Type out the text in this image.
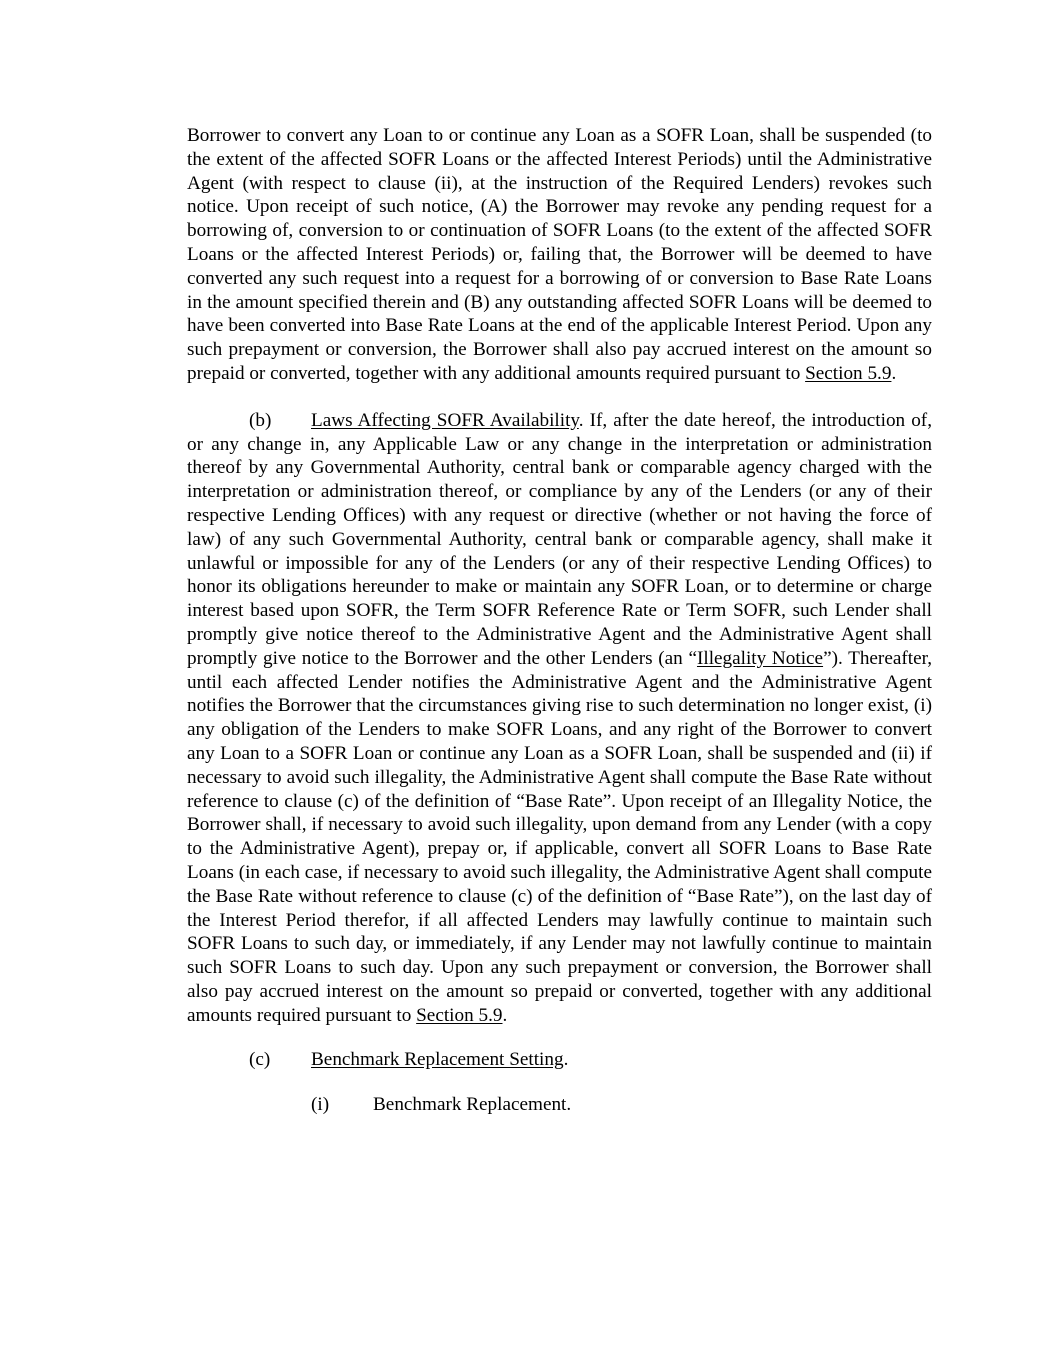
Borrower to convert any Loan to or continue any Loan as a SOFR Loan, shall be suspended (to the extent of the affected SOFR Loans or the affected Interest Periods) until the Administrative Agent (with respect to clause (ii), at the instruction of the Required Lenders) revokes such notice. Upon receipt of such notice, (A) the Borrower may revoke any pending request for a borrowing of, conversion to or continuation of SOFR Loans (to the extent of the affected SOFR Loans or the affected Interest Periods) or, failing that, the Borrower will be deemed to have converted any such request into a request for a borrowing of or conversion to Base Rate Loans in the amount specified therein and (B) any outstanding affected SOFR Loans will be deemed to have been converted into Base Rate Loans at the end of the applicable Interest Period. Upon any such prepayment or conversion, the Borrower shall also pay accrued interest on the amount so prepaid or converted, together with any additional amounts required pursuant to Section 5.9.

(b) Laws Affecting SOFR Availability. If, after the date hereof, the introduction of, or any change in, any Applicable Law or any change in the interpretation or administration thereof by any Governmental Authority, central bank or comparable agency charged with the interpretation or administration thereof, or compliance by any of the Lenders (or any of their respective Lending Offices) with any request or directive (whether or not having the force of law) of any such Governmental Authority, central bank or comparable agency, shall make it unlawful or impossible for any of the Lenders (or any of their respective Lending Offices) to honor its obligations hereunder to make or maintain any SOFR Loan, or to determine or charge interest based upon SOFR, the Term SOFR Reference Rate or Term SOFR, such Lender shall promptly give notice thereof to the Administrative Agent and the Administrative Agent shall promptly give notice to the Borrower and the other Lenders (an “Illegality Notice”). Thereafter, until each affected Lender notifies the Administrative Agent and the Administrative Agent notifies the Borrower that the circumstances giving rise to such determination no longer exist, (i) any obligation of the Lenders to make SOFR Loans, and any right of the Borrower to convert any Loan to a SOFR Loan or continue any Loan as a SOFR Loan, shall be suspended and (ii) if necessary to avoid such illegality, the Administrative Agent shall compute the Base Rate without reference to clause (c) of the definition of “Base Rate”. Upon receipt of an Illegality Notice, the Borrower shall, if necessary to avoid such illegality, upon demand from any Lender (with a copy to the Administrative Agent), prepay or, if applicable, convert all SOFR Loans to Base Rate Loans (in each case, if necessary to avoid such illegality, the Administrative Agent shall compute the Base Rate without reference to clause (c) of the definition of “Base Rate”), on the last day of the Interest Period therefor, if all affected Lenders may lawfully continue to maintain such SOFR Loans to such day, or immediately, if any Lender may not lawfully continue to maintain such SOFR Loans to such day. Upon any such prepayment or conversion, the Borrower shall also pay accrued interest on the amount so prepaid or converted, together with any additional amounts required pursuant to Section 5.9.

(c) Benchmark Replacement Setting.

(i) Benchmark Replacement.
